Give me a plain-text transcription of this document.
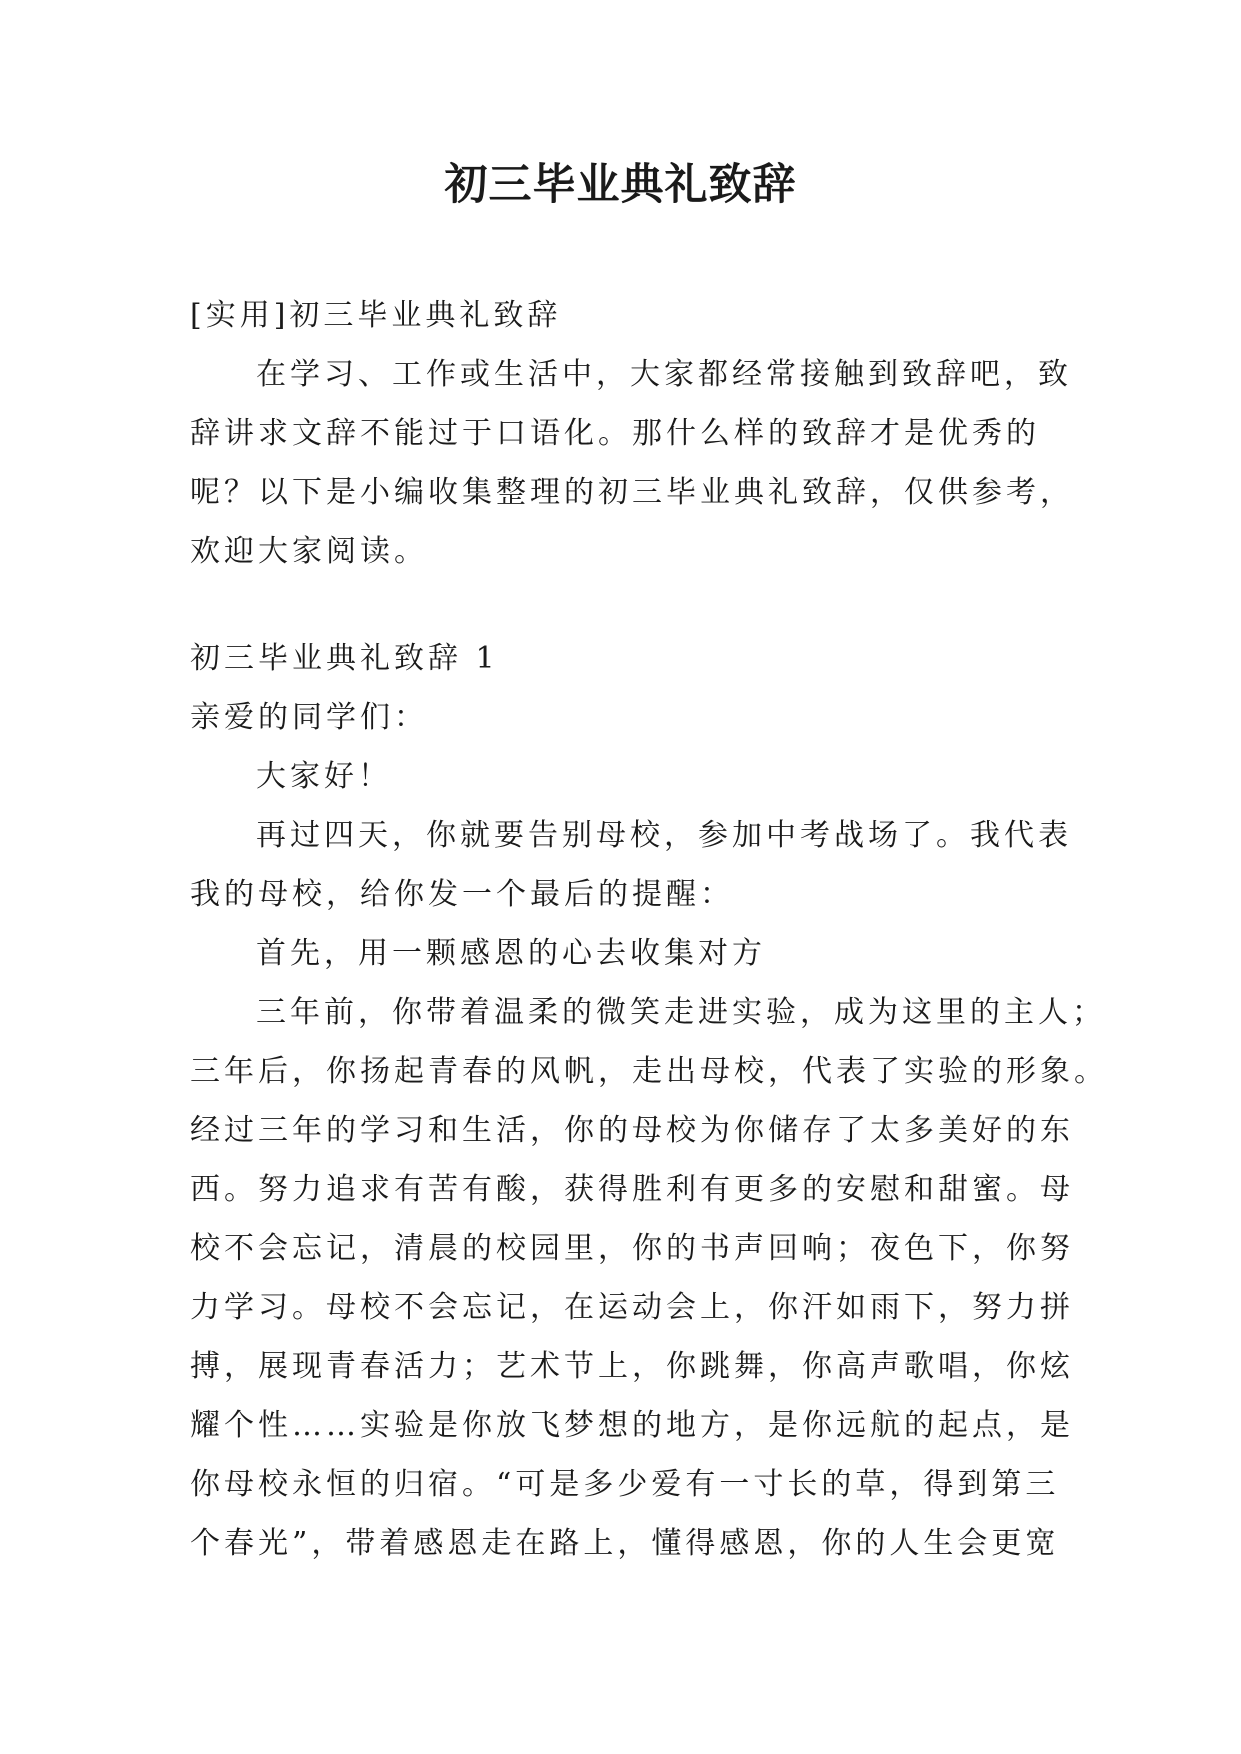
初三毕业典礼致辞
[实用]初三毕业典礼致辞
在学习、工作或生活中，大家都经常接触到致辞吧，致
辞讲求文辞不能过于口语化。那什么样的致辞才是优秀的
呢？以下是小编收集整理的初三毕业典礼致辞，仅供参考，
欢迎大家阅读。
初三毕业典礼致辞 1
亲爱的同学们：
大家好！
再过四天，你就要告别母校，参加中考战场了。我代表
我的母校，给你发一个最后的提醒：
首先，用一颗感恩的心去收集对方
三年前，你带着温柔的微笑走进实验，成为这里的主人；
三年后，你扬起青春的风帆，走出母校，代表了实验的形象。
经过三年的学习和生活，你的母校为你储存了太多美好的东
西。努力追求有苦有酸，获得胜利有更多的安慰和甜蜜。母
校不会忘记，清晨的校园里，你的书声回响；夜色下，你努
力学习。母校不会忘记，在运动会上，你汗如雨下，努力拼
搏，展现青春活力；艺术节上，你跳舞，你高声歌唱，你炫
耀个性……实验是你放飞梦想的地方，是你远航的起点，是
你母校永恒的归宿。“可是多少爱有一寸长的草，得到第三
个春光”，带着感恩走在路上，懂得感恩，你的人生会更宽
